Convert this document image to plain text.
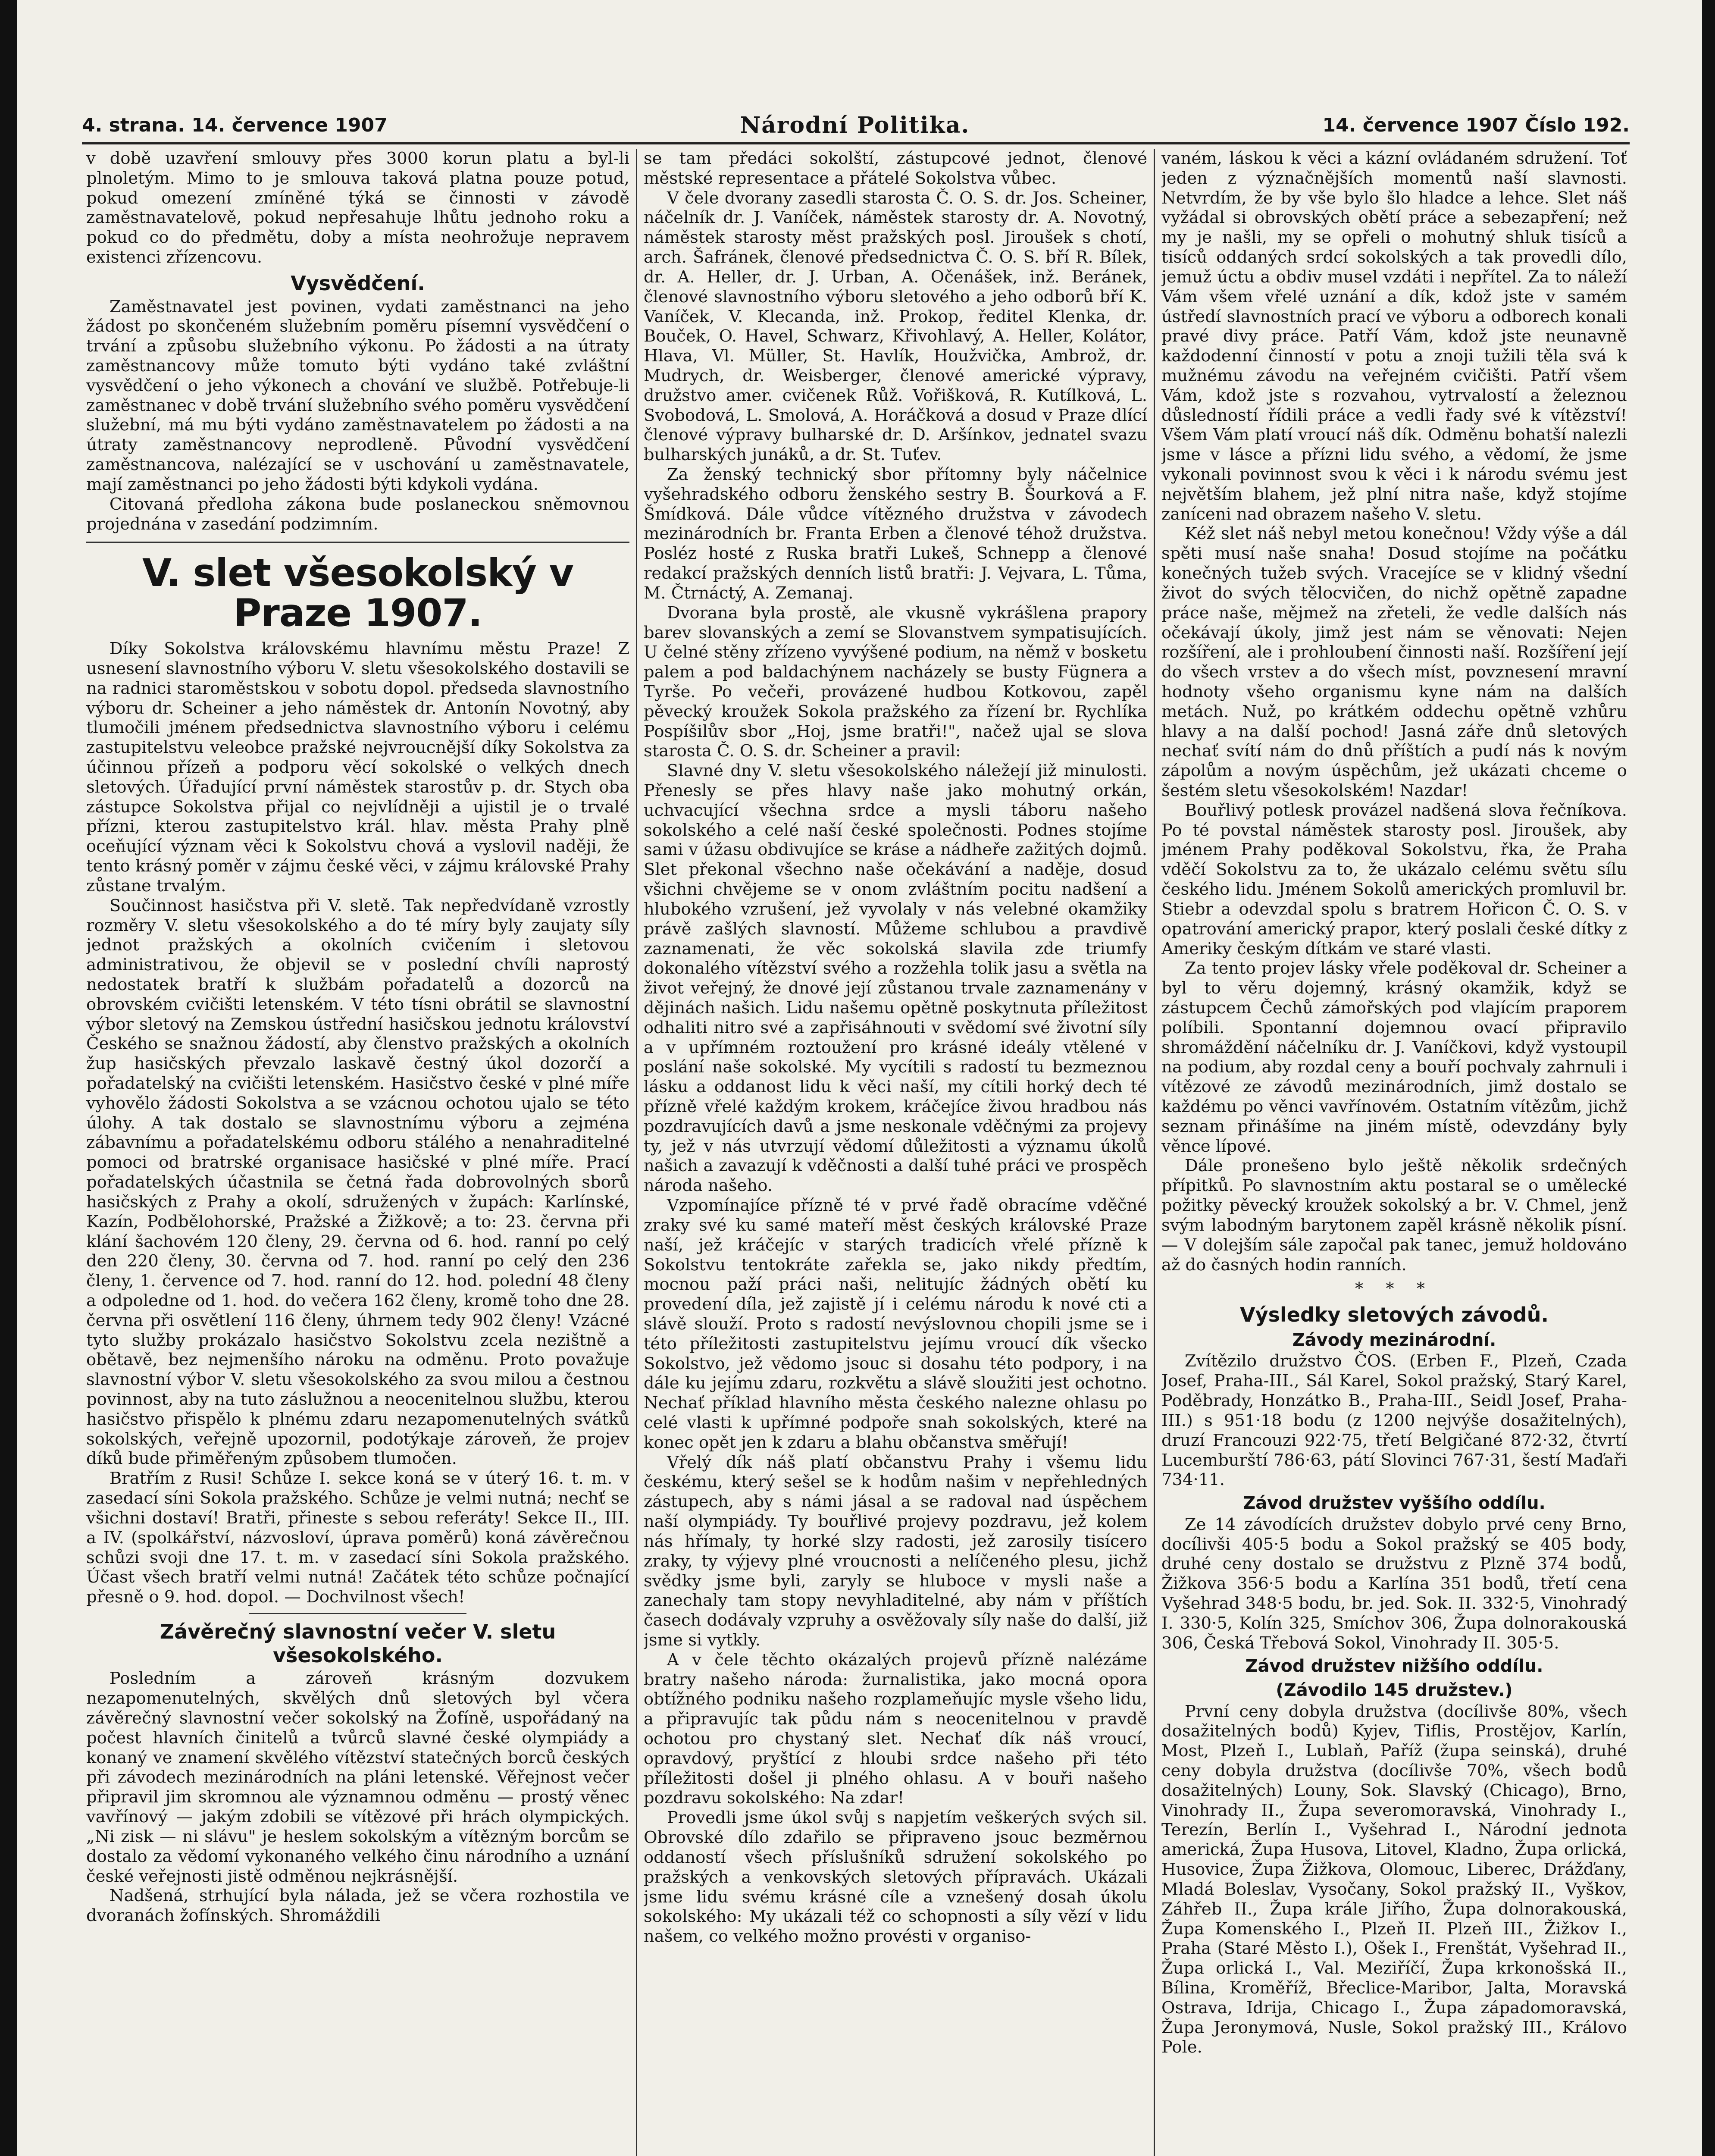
4. strana. 14. července 1907	Národní Politika.	14. července 1907 Číslo 192.

v době uzavření smlouvy přes 3000 korun platu a byl-li plnoletým. Mimo to je smlouva taková platna pouze potud, pokud omezení zmíněné týká se činnosti v závodě zaměstnavatelově, pokud nepřesahuje lhůtu jednoho roku a pokud co do předmětu, doby a místa neohrožuje nepravem existenci zřízencovu.

Vysvědčení.

Zaměstnavatel jest povinen, vydati zaměstnanci na jeho žádost po skončeném služebním poměru písemní vysvědčení o trvání a způsobu služebního výkonu. Po žádosti a na útraty zaměstnancovy může tomuto býti vydáno také zvláštní vysvědčení o jeho výkonech a chování ve službě. Potřebuje-li zaměstnanec v době trvání služebního svého poměru vysvědčení služební, má mu býti vydáno zaměstnavatelem po žádosti a na útraty zaměstnancovy neprodleně. Původní vysvědčení zaměstnancova, nalézající se v uschování u zaměstnavatele, mají zaměstnanci po jeho žádosti býti kdykoli vydána.

Citovaná předloha zákona bude poslaneckou sněmovnou projednána v zasedání podzimním.

V. slet všesokolský v Praze 1907.

Díky Sokolstva královskému hlavnímu městu Praze! Z usnesení slavnostního výboru V. sletu všesokolského dostavili se na radnici staroměstskou v sobotu dopol. předseda slavnostního výboru dr. Scheiner a jeho náměstek dr. Antonín Novotný, aby tlumočili jménem předsednictva slavnostního výboru i celému zastupitelstvu veleobce pražské nejvroucnější díky Sokolstva za účinnou přízeň a podporu věcí sokolské o velkých dnech sletových. Úřadující první náměstek starostův p. dr. Stych oba zástupce Sokolstva přijal co nejvlídněji a ujistil je o trvalé přízni, kterou zastupitelstvo král. hlav. města Prahy plně oceňující význam věci k Sokolstvu chová a vyslovil naději, že tento krásný poměr v zájmu české věci, v zájmu královské Prahy zůstane trvalým.

Součinnost hasičstva při V. sletě. Tak nepředvídaně vzrostly rozměry V. sletu všesokolského a do té míry byly zaujaty síly jednot pražských a okolních cvičením i sletovou administrativou, že objevil se v poslední chvíli naprostý nedostatek bratří k službám pořadatelů a dozorců na obrovském cvičišti letenském. V této tísni obrátil se slavnostní výbor sletový na Zemskou ústřední hasičskou jednotu království Českého se snažnou žádostí, aby členstvo pražských a okolních žup hasičských převzalo laskavě čestný úkol dozorčí a pořadatelský na cvičišti letenském. Hasičstvo české v plné míře vyhovělo žádosti Sokolstva a se vzácnou ochotou ujalo se této úlohy. A tak dostalo se slavnostnímu výboru a zejména zábavnímu a pořadatelskému odboru stálého a nenahraditelné pomoci od bratrské organisace hasičské v plné míře. Prací pořadatelských účastnila se četná řada dobrovolných sborů hasičských z Prahy a okolí, sdružených v župách: Karlínské, Kazín, Podbělohorské, Pražské a Žižkově; a to: 23. června při klání šachovém 120 členy, 29. června od 6. hod. ranní po celý den 220 členy, 30. června od 7. hod. ranní po celý den 236 členy, 1. července od 7. hod. ranní do 12. hod. polední 48 členy a odpoledne od 1. hod. do večera 162 členy, kromě toho dne 28. června při osvětlení 116 členy, úhrnem tedy 902 členy! Vzácné tyto služby prokázalo hasičstvo Sokolstvu zcela nezištně a obětavě, bez nejmenšího nároku na odměnu. Proto považuje slavnostní výbor V. sletu všesokolského za svou milou a čestnou povinnost, aby na tuto záslužnou a neocenitelnou službu, kterou hasičstvo přispělo k plnému zdaru nezapomenutelných svátků sokolských, veřejně upozornil, podotýkaje zároveň, že projev díků bude přiměřeným způsobem tlumočen.

Bratřím z Rusi! Schůze I. sekce koná se v úterý 16. t. m. v zasedací síni Sokola pražského. Schůze je velmi nutná; nechť se všichni dostaví! Bratři, přineste s sebou referáty! Sekce II., III. a IV. (spolkářství, názvosloví, úprava poměrů) koná závěrečnou schůzi svoji dne 17. t. m. v zasedací síni Sokola pražského. Účast všech bratří velmi nutná! Začátek této schůze počnající přesně o 9. hod. dopol. — Dochvilnost všech!

Závěrečný slavnostní večer V. sletu všesokolského.

Posledním a zároveň krásným dozvukem nezapomenutelných, skvělých dnů sletových byl včera závěrečný slavnostní večer sokolský na Žofíně, uspořádaný na počest hlavních činitelů a tvůrců slavné české olympiády a konaný ve znamení skvělého vítězství statečných borců českých při závodech mezinárodních na pláni letenské. Věřejnost večer připravil jim skromnou ale významnou odměnu — prostý věnec vavřínový — jakým zdobili se vítězové při hrách olympických. „Ni zisk — ni slávu" je heslem sokolským a vítězným borcům se dostalo za vědomí vykonaného velkého činu národního a uznání české veřejnosti jistě odměnou nejkrásnější.

Nadšená, strhující byla nálada, jež se včera rozhostila ve dvoranách žofínských. Shromáždili

se tam předáci sokolští, zástupcové jednot, členové městské representace a přátelé Sokolstva vůbec.

V čele dvorany zasedli starosta Č. O. S. dr. Jos. Scheiner, náčelník dr. J. Vaníček, náměstek starosty dr. A. Novotný, náměstek starosty měst pražských posl. Jiroušek s chotí, arch. Šafránek, členové předsednictva Č. O. S. bří R. Bílek, dr. A. Heller, dr. J. Urban, A. Očenášek, inž. Beránek, členové slavnostního výboru sletového a jeho odborů bří K. Vaníček, V. Klecanda, inž. Prokop, ředitel Klenka, dr. Bouček, O. Havel, Schwarz, Křivohlavý, A. Heller, Kolátor, Hlava, Vl. Müller, St. Havlík, Houžvička, Ambrož, dr. Mudrych, dr. Weisberger, členové americké výpravy, družstvo amer. cvičenek Růž. Vořišková, R. Kutílková, L. Svobodová, L. Smolová, A. Horáčková a dosud v Praze dlící členové výpravy bulharské dr. D. Aršínkov, jednatel svazu bulharských junáků, a dr. St. Tuťev.

Za ženský technický sbor přítomny byly náčelnice vyšehradského odboru ženského sestry B. Šourková a F. Šmídková. Dále vůdce vítězného družstva v závodech mezinárodních br. Franta Erben a členové téhož družstva. Posléz hosté z Ruska bratři Lukeš, Schnepp a členové redakcí pražských denních listů bratři: J. Vejvara, L. Tůma, M. Čtrnáctý, A. Zemanaj.

Dvorana byla prostě, ale vkusně vykrášlena prapory barev slovanských a zemí se Slovanstvem sympatisujících. U čelné stěny zřízeno vyvýšené podium, na němž v bosketu palem a pod baldachýnem nacházely se busty Fügnera a Tyrše. Po večeři, provázené hudbou Kotkovou, zapěl pěvecký kroužek Sokola pražského za řízení br. Rychlíka Pospíšilův sbor „Hoj, jsme bratři!", načež ujal se slova starosta Č. O. S. dr. Scheiner a pravil:

Slavné dny V. sletu všesokolského náležejí již minulosti. Přenesly se přes hlavy naše jako mohutný orkán, uchvacující všechna srdce a mysli táboru našeho sokolského a celé naší české společnosti. Podnes stojíme sami v úžasu obdivujíce se kráse a nádheře zažitých dojmů. Slet překonal všechno naše očekávání a naděje, dosud všichni chvějeme se v onom zvláštním pocitu nadšení a hlubokého vzrušení, jež vyvolaly v nás velebné okamžiky právě zašlých slavností. Můžeme schlubou a pravdivě zaznamenati, že věc sokolská slavila zde triumfy dokonalého vítězství svého a rozžehla tolik jasu a světla na život veřejný, že dnové její zůstanou trvale zaznamenány v dějinách našich. Lidu našemu opětně poskytnuta příležitost odhaliti nitro své a zapřisáhnouti v svědomí své životní síly a v upřímném roztoužení pro krásné ideály vtělené v poslání naše sokolské. My vycítili s radostí tu bezmeznou lásku a oddanost lidu k věci naší, my cítili horký dech té přízně vřelé každým krokem, kráčejíce živou hradbou nás pozdravujících davů a jsme neskonale vděčnými za projevy ty, jež v nás utvrzují vědomí důležitosti a významu úkolů našich a zavazují k vděčnosti a další tuhé práci ve prospěch národa našeho.

Vzpomínajíce přízně té v prvé řadě obracíme vděčné zraky své ku samé mateří měst českých královské Praze naší, jež kráčejíc v starých tradicích vřelé přízně k Sokolstvu tentokráte zařekla se, jako nikdy předtím, mocnou paží práci naši, nelitujíc žádných obětí ku provedení díla, jež zajistě jí i celému národu k nové cti a slávě slouží. Proto s radostí nevýslovnou chopili jsme se i této příležitosti zastupitelstvu jejímu vroucí dík všecko Sokolstvo, jež vědomo jsouc si dosahu této podpory, i na dále ku jejímu zdaru, rozkvětu a slávě sloužiti jest ochotno. Nechať příklad hlavního města českého nalezne ohlasu po celé vlasti k upřímné podpoře snah sokolských, které na konec opět jen k zdaru a blahu občanstva směřují!

Vřelý dík náš platí občanstvu Prahy i všemu lidu českému, který sešel se k hodům našim v nepřehledných zástupech, aby s námi jásal a se radoval nad úspěchem naší olympiády. Ty bouřlivé projevy pozdravu, jež kolem nás hřímaly, ty horké slzy radosti, jež zarosily tisícero zraky, ty výjevy plné vroucnosti a nelíčeného plesu, jichž svědky jsme byli, zaryly se hluboce v mysli naše a zanechaly tam stopy nevyhladitelné, aby nám v příštích časech dodávaly vzpruhy a osvěžovaly síly naše do další, již jsme si vytkly.

A v čele těchto okázalých projevů přízně nalézáme bratry našeho národa: žurnalistika, jako mocná opora obtížného podniku našeho rozplameňujíc mysle všeho lidu, a připravujíc tak půdu nám s neocenitelnou v pravdě ochotou pro chystaný slet. Nechať dík náš vroucí, opravdový, pryštící z hloubi srdce našeho při této příležitosti došel ji plného ohlasu. A v bouři našeho pozdravu sokolského: Na zdar!

Provedli jsme úkol svůj s napjetím veškerých svých sil. Obrovské dílo zdařilo se připraveno jsouc bezměrnou oddaností všech příslušníků sdružení sokolského po pražských a venkovských sletových přípravách. Ukázali jsme lidu svému krásné cíle a vznešený dosah úkolu sokolského: My ukázali též co schopnosti a síly vězí v lidu našem, co velkého možno provésti v organiso-

vaném, láskou k věci a kázní ovládaném sdružení. Toť jeden z význačnějších momentů naší slavnosti. Netvrdím, že by vše bylo šlo hladce a lehce. Slet náš vyžádal si obrovských obětí práce a sebezapření; než my je našli, my se opřeli o mohutný shluk tisíců a tisíců oddaných srdcí sokolských a tak provedli dílo, jemuž úctu a obdiv musel vzdáti i nepřítel. Za to náleží Vám všem vřelé uznání a dík, kdož jste v samém ústředí slavnostních prací ve výboru a odborech konali pravé divy práce. Patří Vám, kdož jste neunavně každodenní činností v potu a znoji tužili těla svá k mužnému závodu na veřejném cvičišti. Patří všem Vám, kdož jste s rozvahou, vytrvalostí a železnou důsledností řídili práce a vedli řady své k vítězství! Všem Vám platí vroucí náš dík. Odměnu bohatší nalezli jsme v lásce a přízni lidu svého, a vědomí, že jsme vykonali povinnost svou k věci i k národu svému jest největším blahem, jež plní nitra naše, když stojíme zaníceni nad obrazem našeho V. sletu.

Kéž slet náš nebyl metou konečnou! Vždy výše a dál spěti musí naše snaha! Dosud stojíme na počátku konečných tužeb svých. Vracejíce se v klidný všední život do svých tělocvičen, do nichž opětně zapadne práce naše, mějmež na zřeteli, že vedle dalších nás očekávají úkoly, jimž jest nám se věnovati: Nejen rozšíření, ale i prohloubení činnosti naší. Rozšíření její do všech vrstev a do všech míst, povznesení mravní hodnoty všeho organismu kyne nám na dalších metách. Nuž, po krátkém oddechu opětně vzhůru hlavy a na další pochod! Jasná záře dnů sletových nechať svítí nám do dnů příštích a pudí nás k novým zápolům a novým úspěchům, jež ukázati chceme o šestém sletu všesokolském! Nazdar!

Bouřlivý potlesk provázel nadšená slova řečníkova. Po té povstal náměstek starosty posl. Jiroušek, aby jménem Prahy poděkoval Sokolstvu, řka, že Praha vděčí Sokolstvu za to, že ukázalo celému světu sílu českého lidu. Jménem Sokolů amerických promluvil br. Stiebr a odevzdal spolu s bratrem Hořicon Č. O. S. v opatrování americký prapor, který poslali české dítky z Ameriky českým dítkám ve staré vlasti.

Za tento projev lásky vřele poděkoval dr. Scheiner a byl to věru dojemný, krásný okamžik, když se zástupcem Čechů zámořských pod vlajícím praporem políbili. Spontanní dojemnou ovací připravilo shromáždění náčelníku dr. J. Vaníčkovi, když vystoupil na podium, aby rozdal ceny a bouří pochvaly zahrnuli i vítězové ze závodů mezinárodních, jimž dostalo se každému po věnci vavřínovém. Ostatním vítězům, jichž seznam přinášíme na jiném místě, odevzdány byly věnce lípové.

Dále pronešeno bylo ještě několik srdečných přípitků. Po slavnostním aktu postaral se o umělecké požitky pěvecký kroužek sokolský a br. V. Chmel, jenž svým labodným barytonem zapěl krásně několik písní. — V dolejším sále započal pak tanec, jemuž holdováno až do časných hodin ranních.

* * *
Výsledky sletových závodů.
Závody mezinárodní.

Zvítězilo družstvo ČOS. (Erben F., Plzeň, Czada Josef, Praha-III., Sál Karel, Sokol pražský, Starý Karel, Poděbrady, Honzátko B., Praha-III., Seidl Josef, Praha-III.) s 951·18 bodu (z 1200 nejvýše dosažitelných), druzí Francouzi 922·75, třetí Belgičané 872·32, čtvrtí Lucemburští 786·63, pátí Slovinci 767·31, šestí Maďaři 734·11.

Závod družstev vyššího oddílu.

Ze 14 závodících družstev dobylo prvé ceny Brno, docílivši 405·5 bodu a Sokol pražský se 405 body, druhé ceny dostalo se družstvu z Plzně 374 bodů, Žižkova 356·5 bodu a Karlína 351 bodů, třetí cena Vyšehrad 348·5 bodu, br. jed. Sok. II. 332·5, Vinohradý I. 330·5, Kolín 325, Smíchov 306, Župa dolnorakouská 306, Česká Třebová Sokol, Vinohrady II. 305·5.

Závod družstev nižšího oddílu.
(Závodilo 145 družstev.)

První ceny dobyla družstva (docílivše 80%, všech dosažitelných bodů) Kyjev, Tiflis, Prostějov, Karlín, Most, Plzeň I., Lublaň, Paříž (župa seinská), druhé ceny dobyla družstva (docílivše 70%, všech bodů dosažitelných) Louny, Sok. Slavský (Chicago), Brno, Vinohrady II., Župa severomoravská, Vinohrady I., Terezín, Berlín I., Vyšehrad I., Národní jednota americká, Župa Husova, Litovel, Kladno, Župa orlická, Husovice, Župa Žižkova, Olomouc, Liberec, Drážďany, Mladá Boleslav, Vysočany, Sokol pražský II., Vyškov, Záhřeb II., Župa krále Jiřího, Župa dolnorakouská, Župa Komenského I., Plzeň II. Plzeň III., Žižkov I., Praha (Staré Město I.), Ošek I., Frenštát, Vyšehrad II., Župa orlická I., Val. Meziříčí, Župa krkonošská II., Bílina, Kroměříž, Břeclice-Maribor, Jalta, Moravská Ostrava, Idrija, Chicago I., Župa západomoravská, Župa Jeronymová, Nusle, Sokol pražský III., Královo Pole.
